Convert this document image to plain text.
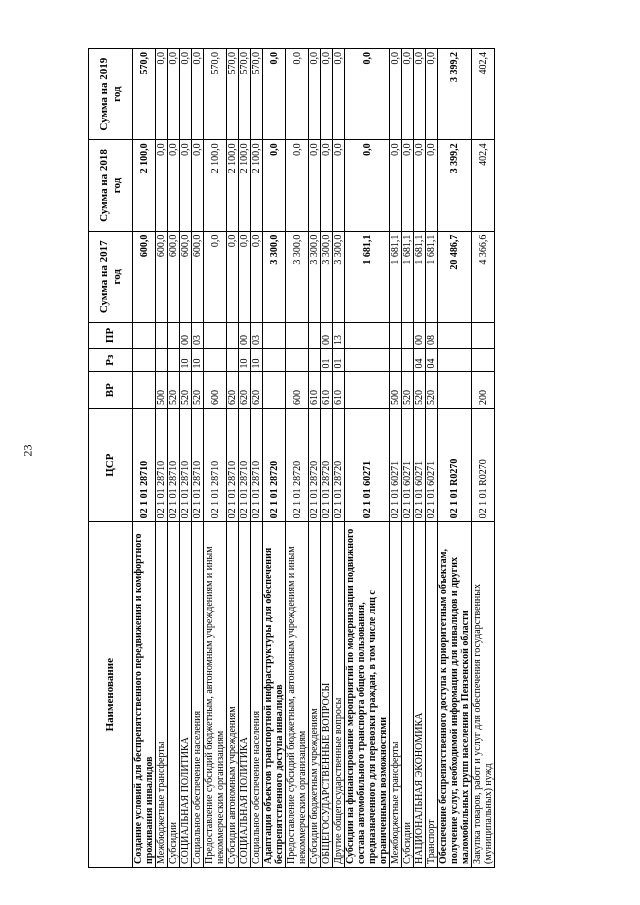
23
Наименование	ЦСР	ВР	Рз	ПР	Сумма на 2017 год	Сумма на 2018 год	Сумма на 2019 год
Создание условий для беспрепятственного передвижения и комфортного проживания инвалидов	02 1 01 28710				600,0	2 100,0	570,0
Межбюджетные трансферты	02 1 01 28710	500			600,0	0,0	0,0
Субсидии	02 1 01 28710	520			600,0	0,0	0,0
СОЦИАЛЬНАЯ ПОЛИТИКА	02 1 01 28710	520	10	00	600,0	0,0	0,0
Социальное обеспечение населения	02 1 01 28710	520	10	03	600,0	0,0	0,0
Предоставление субсидий бюджетным, автономным учреждениям и иным некоммерческим организациям	02 1 01 28710	600			0,0	2 100,0	570,0
Субсидии автономным учреждениям	02 1 01 28710	620			0,0	2 100,0	570,0
СОЦИАЛЬНАЯ ПОЛИТИКА	02 1 01 28710	620	10	00	0,0	2 100,0	570,0
Социальное обеспечение населения	02 1 01 28710	620	10	03	0,0	2 100,0	570,0
Адаптация объектов транспортной инфраструктуры для обеспечения беспрепятственного доступа инвалидов	02 1 01 28720				3 300,0	0,0	0,0
Предоставление субсидий бюджетным, автономным учреждениям и иным некоммерческим организациям	02 1 01 28720	600			3 300,0	0,0	0,0
Субсидии бюджетным учреждениям	02 1 01 28720	610			3 300,0	0,0	0,0
ОБЩЕГОСУДАРСТВЕННЫЕ ВОПРОСЫ	02 1 01 28720	610	01	00	3 300,0	0,0	0,0
Другие общегосударственные вопросы	02 1 01 28720	610	01	13	3 300,0	0,0	0,0
Субсидии на финансирование мероприятий по модернизации подвижного состава автомобильного транспорта общего пользования, предназначенного для перевозки граждан, в том числе лиц с ограниченными возможностями	02 1 01 60271				1 681,1	0,0	0,0
Межбюджетные трансферты	02 1 01 60271	500			1 681,1	0,0	0,0
Субсидии	02 1 01 60271	520			1 681,1	0,0	0,0
НАЦИОНАЛЬНАЯ ЭКОНОМИКА	02 1 01 60271	520	04	00	1 681,1	0,0	0,0
Транспорт	02 1 01 60271	520	04	08	1 681,1	0,0	0,0
Обеспечение беспрепятственного доступа к приоритетным объектам, получение услуг, необходимой информации для инвалидов и других маломобильных групп населения в Пензенской области	02 1 01 R0270				20 486,7	3 399,2	3 399,2
Закупка товаров, работ и услуг для обеспечения государственных (муниципальных) нужд	02 1 01 R0270	200			4 366,6	402,4	402,4
